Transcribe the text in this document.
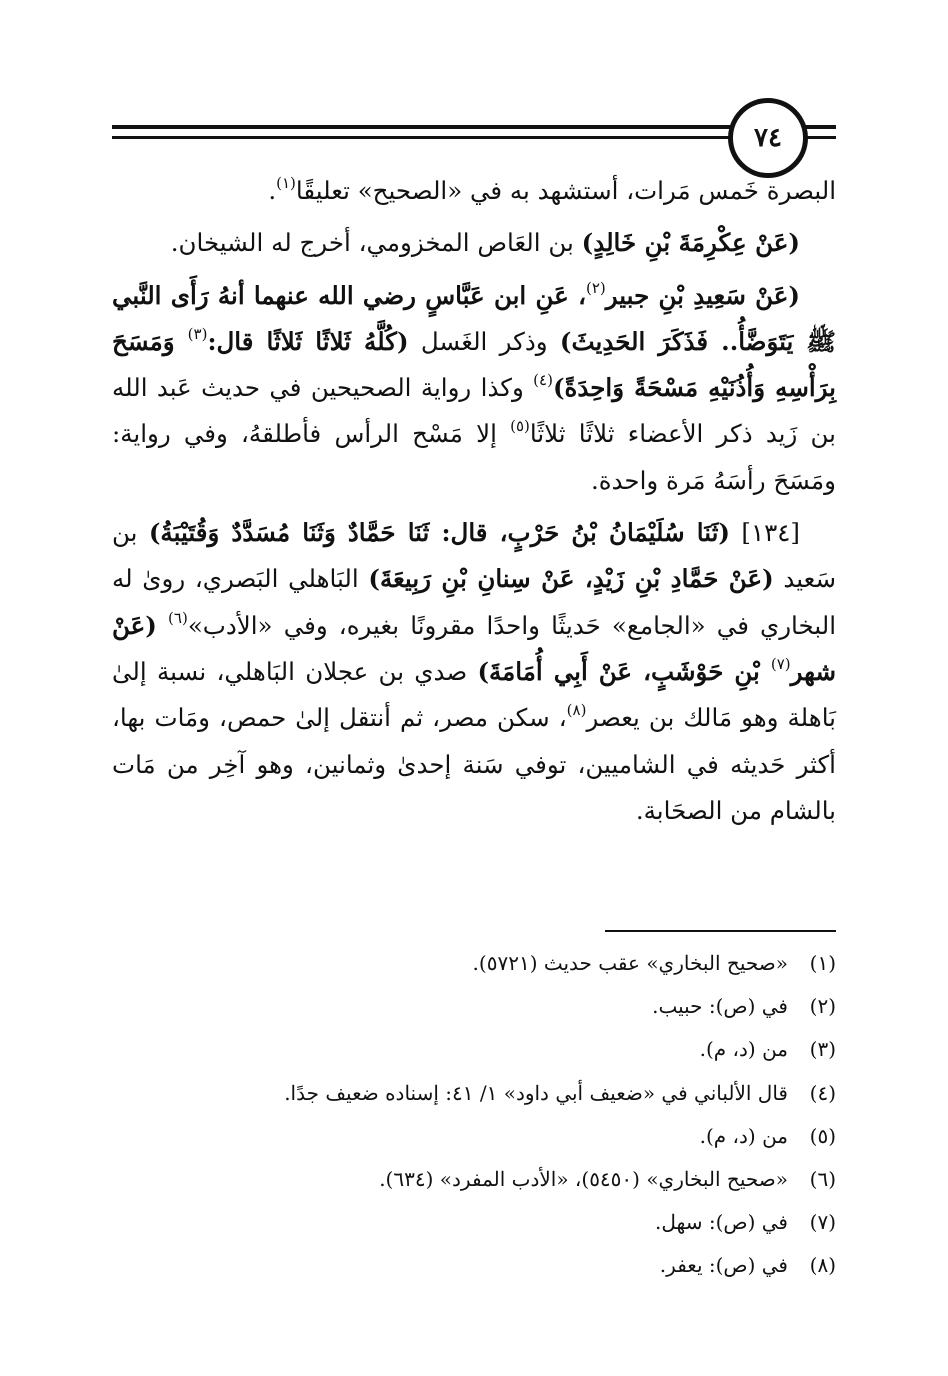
٧٤

البصرة خَمس مَرات، أستشهد به في «الصحيح» تعليقًا$^{(١)}$.

(عَنْ عِكْرِمَةَ بْنِ خَالِدٍ) بن العَاص المخزومي، أخرج له الشيخان.

(عَنْ سَعِيدِ بْنِ جبير$^{(٢)}$، عَنِ ابن عَبَّاسٍ رضي الله عنهما أنهُ رَأَى النَّبي ﷺ يَتَوَضَّأُ.. فَذَكَرَ الحَدِيثَ) وذكر الغَسل (كُلَّهُ ثَلاثًا ثَلاثًا قال:$^{(٣)}$ وَمَسَحَ بِرَأْسِهِ وَأُذُنَيْهِ مَسْحَةً وَاحِدَةً)$^{(٤)}$ وكذا رواية الصحيحين في حديث عَبد الله بن زَيد ذكر الأعضاء ثلاثًا ثلاثًا$^{(٥)}$ إلا مَسْح الرأس فأطلقهُ، وفي رواية: ومَسَحَ رأسَهُ مَرة واحدة.

[١٣٤] (ثَنَا سُلَيْمَانُ بْنُ حَرْبٍ، قال: ثَنَا حَمَّادٌ وَثَنَا مُسَدَّدٌ وَقُتَيْبَةُ) بن سَعيد (عَنْ حَمَّادِ بْنِ زَيْدٍ، عَنْ سِنانِ بْنِ رَبِيعَةَ) البَاهلي البَصري، روىٰ له البخاري في «الجامع» حَديثًا واحدًا مقرونًا بغيره، وفي «الأدب»$^{(٦)}$ (عَنْ شهر$^{(٧)}$ بْنِ حَوْشَبٍ، عَنْ أَبِي أُمَامَةَ) صدي بن عجلان البَاهلي، نسبة إلىٰ بَاهلة وهو مَالك بن يعصر$^{(٨)}$، سكن مصر، ثم أنتقل إلىٰ حمص، ومَات بها، أكثر حَديثه في الشاميين، توفي سَنة إحدىٰ وثمانين، وهو آخِر من مَات بالشام من الصحَابة.

(١)
«صحيح البخاري» عقب حديث (٥٧٢١).
(٢)
في (ص): حبيب.
(٣)
من (د، م).
(٤)
قال الألباني في «ضعيف أبي داود» ١/ ٤١: إسناده ضعيف جدًا.
(٥)
من (د، م).
(٦)
«صحيح البخاري» (٥٤٥٠)، «الأدب المفرد» (٦٣٤).
(٧)
في (ص): سهل.
(٨)
في (ص): يعفر.
